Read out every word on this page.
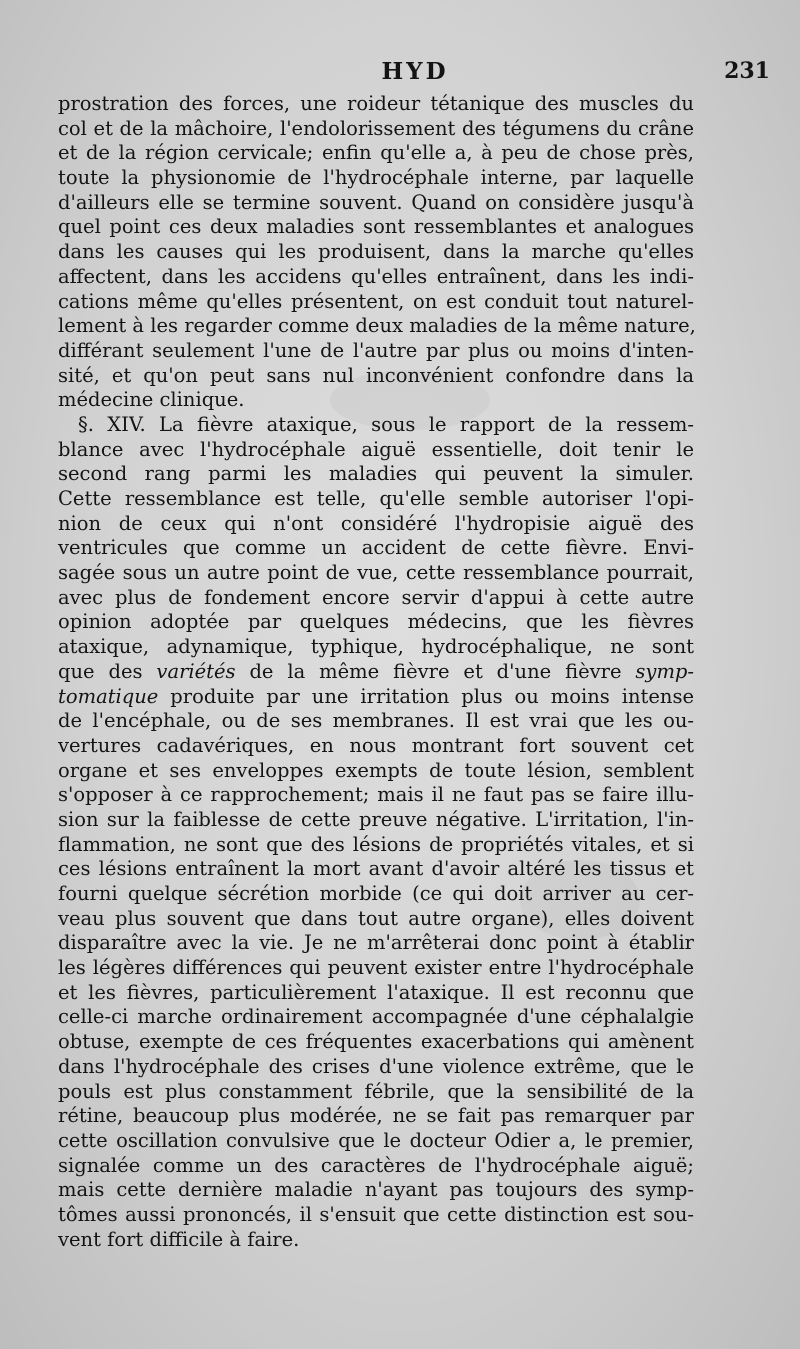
HYD	231
prostration des forces, une roideur tétanique des muscles du
col et de la mâchoire, l'endolorissement des tégumens du crâne
et de la région cervicale; enfin qu'elle a, à peu de chose près,
toute la physionomie de l'hydrocéphale interne, par laquelle
d'ailleurs elle se termine souvent. Quand on considère jusqu'à
quel point ces deux maladies sont ressemblantes et analogues
dans les causes qui les produisent, dans la marche qu'elles
affectent, dans les accidens qu'elles entraînent, dans les indi-
cations même qu'elles présentent, on est conduit tout naturel-
lement à les regarder comme deux maladies de la même nature,
différant seulement l'une de l'autre par plus ou moins d'inten-
sité, et qu'on peut sans nul inconvénient confondre dans la
médecine clinique.
§. XIV. La fièvre ataxique, sous le rapport de la ressem-
blance avec l'hydrocéphale aiguë essentielle, doit tenir le
second rang parmi les maladies qui peuvent la simuler.
Cette ressemblance est telle, qu'elle semble autoriser l'opi-
nion de ceux qui n'ont considéré l'hydropisie aiguë des
ventricules que comme un accident de cette fièvre. Envi-
sagée sous un autre point de vue, cette ressemblance pourrait,
avec plus de fondement encore servir d'appui à cette autre
opinion adoptée par quelques médecins, que les fièvres
ataxique, adynamique, typhique, hydrocéphalique, ne sont
que des variétés de la même fièvre et d'une fièvre symp-
tomatique produite par une irritation plus ou moins intense
de l'encéphale, ou de ses membranes. Il est vrai que les ou-
vertures cadavériques, en nous montrant fort souvent cet
organe et ses enveloppes exempts de toute lésion, semblent
s'opposer à ce rapprochement; mais il ne faut pas se faire illu-
sion sur la faiblesse de cette preuve négative. L'irritation, l'in-
flammation, ne sont que des lésions de propriétés vitales, et si
ces lésions entraînent la mort avant d'avoir altéré les tissus et
fourni quelque sécrétion morbide (ce qui doit arriver au cer-
veau plus souvent que dans tout autre organe), elles doivent
disparaître avec la vie. Je ne m'arrêterai donc point à établir
les légères différences qui peuvent exister entre l'hydrocéphale
et les fièvres, particulièrement l'ataxique. Il est reconnu que
celle-ci marche ordinairement accompagnée d'une céphalalgie
obtuse, exempte de ces fréquentes exacerbations qui amènent
dans l'hydrocéphale des crises d'une violence extrême, que le
pouls est plus constamment fébrile, que la sensibilité de la
rétine, beaucoup plus modérée, ne se fait pas remarquer par
cette oscillation convulsive que le docteur Odier a, le premier,
signalée comme un des caractères de l'hydrocéphale aiguë;
mais cette dernière maladie n'ayant pas toujours des symp-
tômes aussi prononcés, il s'ensuit que cette distinction est sou-
vent fort difficile à faire.
